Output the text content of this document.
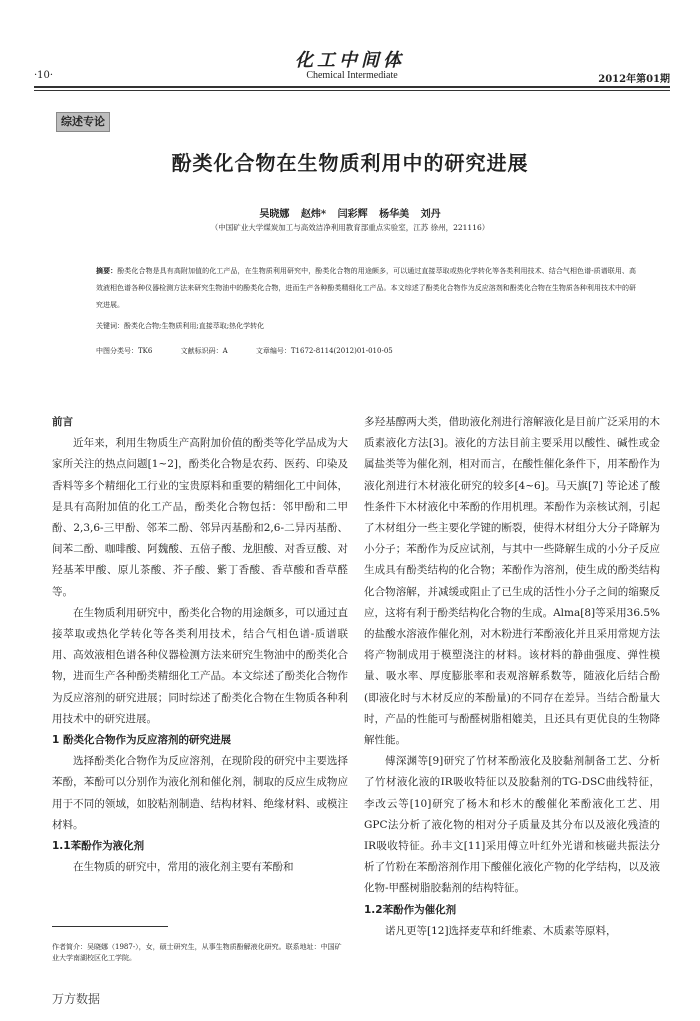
化工中间体
·10·	Chemical Intermediate	2012年第01期
综述专论
酚类化合物在生物质利用中的研究进展
吴晓娜 赵炜* 闫彩辉 杨华美 刘丹
（中国矿业大学煤炭加工与高效洁净利用教育部重点实验室，江苏 徐州，221116）
摘要：酚类化合物是具有高附加值的化工产品，在生物质利用研究中，酚类化合物的用途颇多，可以通过直接萃取或热化学转化等各类利用技术、结合气相色谱-质谱联用、高效液相色谱各种仪器检测方法来研究生物油中的酚类化合物，进而生产各种酚类精细化工产品。本文综述了酚类化合物作为反应溶剂和酚类化合物在生物质各种利用技术中的研究进展。
关键词：酚类化合物;生物质利用;直接萃取;热化学转化
中图分类号：TK6	文献标识码：A	文章编号：T1672-8114(2012)01-010-05
前言

近年来，利用生物质生产高附加价值的酚类等化学品成为大家所关注的热点问题[1~2]，酚类化合物是农药、医药、印染及香料等多个精细化工行业的宝贵原料和重要的精细化工中间体，是具有高附加值的化工产品，酚类化合物包括：邻甲酚和二甲酚、2,3,6-三甲酚、邻苯二酚、邻异丙基酚和2,6-二异丙基酚、间苯二酚、咖啡酸、阿魏酸、五倍子酸、龙胆酸、对香豆酸、对羟基苯甲酸、原儿茶酸、芥子酸、紫丁香酸、香草酸和香草醛等。

在生物质利用研究中，酚类化合物的用途颇多，可以通过直接萃取或热化学转化等各类利用技术，结合气相色谱-质谱联用、高效液相色谱各种仪器检测方法来研究生物油中的酚类化合物，进而生产各种酚类精细化工产品。本文综述了酚类化合物作为反应溶剂的研究进展；同时综述了酚类化合物在生物质各种利用技术中的研究进展。

1 酚类化合物作为反应溶剂的研究进展

选择酚类化合物作为反应溶剂，在现阶段的研究中主要选择苯酚，苯酚可以分别作为液化剂和催化剂，制取的反应生成物应用于不同的领域，如胶粘剂制造、结构材料、绝缘材料、或模注材料。

1.1苯酚作为液化剂

在生物质的研究中，常用的液化剂主要有苯酚和

多羟基醇两大类，借助液化剂进行溶解液化是目前广泛采用的木质素液化方法[3]。液化的方法目前主要采用以酸性、碱性或金属盐类等为催化剂，相对而言，在酸性催化条件下，用苯酚作为液化剂进行木材液化研究的较多[4~6]。马天旗[7] 等论述了酸性条件下木材液化中苯酚的作用机理。苯酚作为亲核试剂，引起了木材组分一些主要化学键的断裂，使得木材组分大分子降解为小分子；苯酚作为反应试剂，与其中一些降解生成的小分子反应生成具有酚类结构的化合物；苯酚作为溶剂，使生成的酚类结构化合物溶解，并减缓或阻止了已生成的活性小分子之间的缩聚反应，这将有利于酚类结构化合物的生成。Alma[8]等采用36.5%的盐酸水溶液作催化剂，对木粉进行苯酚液化并且采用常规方法将产物制成用于模塑浇注的材料。该材料的静曲强度、弹性模量、吸水率、厚度膨胀率和表观溶解系数等，随液化后结合酚(即液化时与木材反应的苯酚量)的不同存在差异。当结合酚量大时，产品的性能可与酚醛树脂相媲美，且还具有更优良的生物降解性能。

傅深渊等[9]研究了竹材苯酚液化及胶黏剂制备工艺、分析了竹材液化液的IR吸收特征以及胶黏剂的TG-DSC曲线特征，李改云等[10]研究了杨木和杉木的酸催化苯酚液化工艺、用GPC法分析了液化物的相对分子质量及其分布以及液化残渣的IR吸收特征。孙丰文[11]采用傅立叶红外光谱和核磁共振法分析了竹粉在苯酚溶剂作用下酸催化液化产物的化学结构，以及液化物-甲醛树脂胶黏剂的结构特征。

1.2苯酚作为催化剂

诺凡更等[12]选择麦草和纤维素、木质素等原料，

作者简介：吴晓娜（1987-），女，硕士研究生，从事生物质酚解液化研究。联系地址：中国矿业大学南湖校区化工学院。
万方数据
